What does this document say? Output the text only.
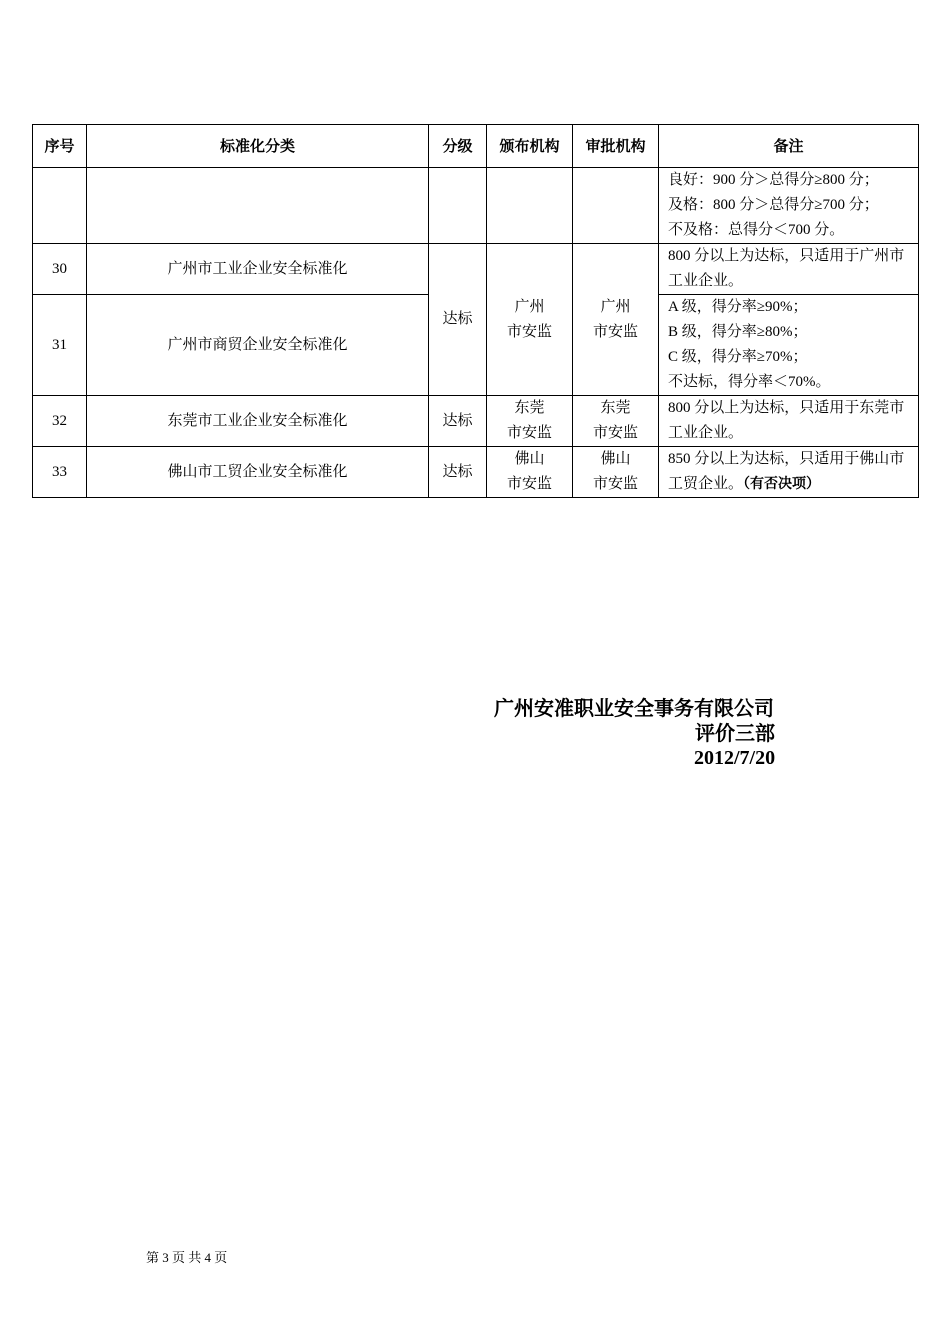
序号	标准化分类	分级	颁布机构	审批机构	备注

					良好：900 分＞总得分≥800 分；
及格：800 分＞总得分≥700 分；
不及格：总得分＜700 分。

30	广州市工业企业安全标准化	达标	广州
市安监	广州
市安监	800 分以上为达标，只适用于广州市工业企业。
31	广州市商贸企业安全标准化				A 级，得分率≥90%；
B 级，得分率≥80%；
C 级，得分率≥70%；
不达标，得分率＜70%。

32	东莞市工业企业安全标准化	达标	东莞
市安监	东莞
市安监	800 分以上为达标，只适用于东莞市工业企业。
33	佛山市工贸企业安全标准化	达标	佛山
市安监	佛山
市安监	850 分以上为达标，只适用于佛山市工贸企业。（有否决项）
广州安准职业安全事务有限公司
评价三部
2012/7/20
第 3 页 共 4 页
